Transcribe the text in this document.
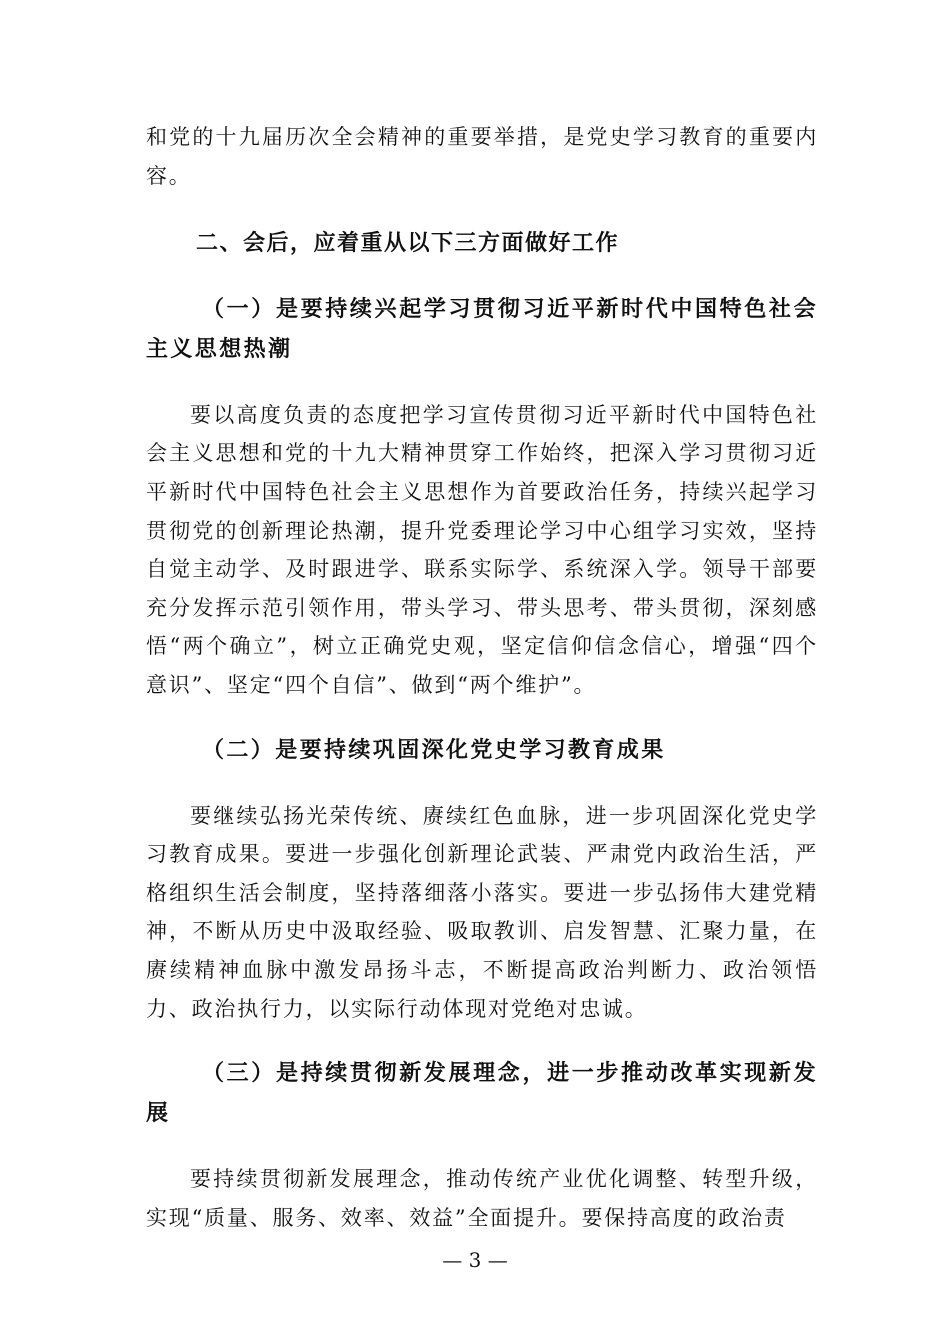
和党的十九届历次全会精神的重要举措，是党史学习教育的重要内容。

二、会后，应着重从以下三方面做好工作
（一）是要持续兴起学习贯彻习近平新时代中国特色社会主义思想热潮

要以高度负责的态度把学习宣传贯彻习近平新时代中国特色社会主义思想和党的十九大精神贯穿工作始终，把深入学习贯彻习近平新时代中国特色社会主义思想作为首要政治任务，持续兴起学习贯彻党的创新理论热潮，提升党委理论学习中心组学习实效，坚持自觉主动学、及时跟进学、联系实际学、系统深入学。领导干部要充分发挥示范引领作用，带头学习、带头思考、带头贯彻，深刻感悟“两个确立”，树立正确党史观，坚定信仰信念信心，增强“四个意识”、坚定“四个自信”、做到“两个维护”。

（二）是要持续巩固深化党史学习教育成果

要继续弘扬光荣传统、赓续红色血脉，进一步巩固深化党史学习教育成果。要进一步强化创新理论武装、严肃党内政治生活，严格组织生活会制度，坚持落细落小落实。要进一步弘扬伟大建党精神，不断从历史中汲取经验、吸取教训、启发智慧、汇聚力量，在赓续精神血脉中激发昂扬斗志，不断提高政治判断力、政治领悟力、政治执行力，以实际行动体现对党绝对忠诚。

（三）是持续贯彻新发展理念，进一步推动改革实现新发展

要持续贯彻新发展理念，推动传统产业优化调整、转型升级，实现“质量、服务、效率、效益”全面提升。要保持高度的政治责

— 3 —
